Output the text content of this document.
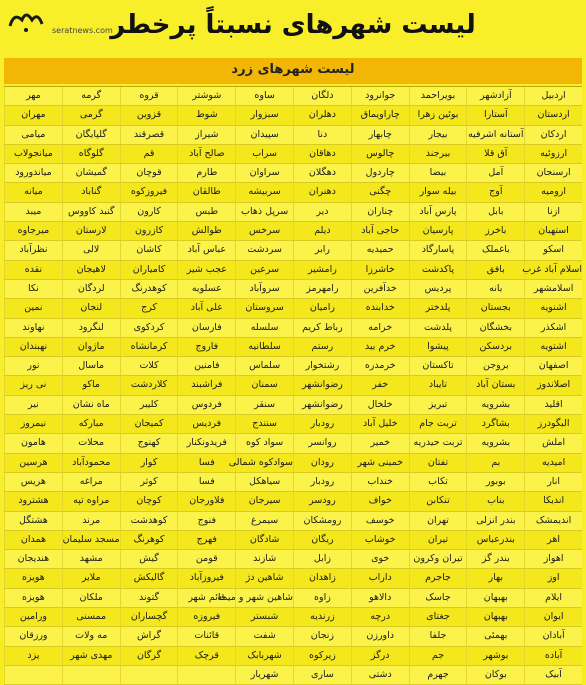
seratnews.com
لیست شهرهای نسبتاً پرخطر
لیست شهرهای زرد
اردبیل
آزادشهر
بویراحمد
جوانرود
دلگان
ساوه
شوشتر
قروه
گرمه
مهر
اردستان
آستارا
بوئین زهرا
چاراویماق
دهلران
سبزوار
شوط
قزوین
گرمی
مهران
اردکان
آستانه اشرفیه
بیجار
چابهار
دنا
سپیدان
شیراز
قصرقند
گلپایگان
میامی
ارزوئیه
آق قلا
بیرجند
چالوس
دهاقان
سراب
صالح آباد
قم
گلوگاه
میانجولاب
ارسنجان
آمل
بیضا
چاردول
دهگلان
سراوان
طارم
قوچان
گمیشان
میاندورود
ارومیه
آوج
بیله سوار
چگنی
دهنران
سربیشه
طالقان
فیروزکوه
گناباد
میانه
ازنا
بابل
پارس آباد
چناران
دیر
سرپل ذهاب
طبس
کارون
گنبد کاووس
میبد
استهبان
باخرز
پارسیان
حاجی آباد
دیلم
سرخس
طوالش
کازرون
لارستان
میرجاوه
اسکو
باغملک
پاسارگاد
حمیدیه
رابر
سردشت
عباس آباد
کاشان
لالی
نظرآباد
اسلام آباد غرب
بافق
پاکدشت
خاشرزا
رامشیر
سرعین
عجب شیر
کامیاران
لاهیجان
نقده
اسلامشهر
بانه
پردیس
خدآفرین
رامهرمز
سروآباد
عسلویه
کوهدرنگ
لردگان
نکا
اشنویه
بجستان
پلدختر
خدابنده
رامیان
سروستان
علی آباد
کرج
لنجان
نمین
اشکذر
بخشگان
پلدشت
خرامه
رباط کریم
سلسله
فارسان
کردکوی
لنگرود
نهاوند
اشتویه
بردسکن
پیشوا
خرم بید
رستم
سلطانیه
فاروج
کرمانشاه
ماژوان
نهبندان
اصفهان
بروجن
تاکستان
خرمدره
رشتخوار
سلماس
فامنین
کلات
ماسال
نور
اصلاندوز
بستان آباد
تایباد
خفر
رضوانشهر
سمنان
فراشبند
کلاردشت
ماکو
نی ریز
اقلید
بشرویه
تبریز
خلخال
رضوانشهر
سنقر
فردوس
کلیبر
ماه نشان
نیر
البگودرز
بشاگرد
تربت جام
خلیل آباد
رودبار
سنندج
فردیس
کمیجان
مبارکه
نیمروز
املش
بشرویه
تربت حیدریه
خمیر
روانسر
سواد کوه
فریدونکنار
کهنوج
محلات
هامون
امیدیه
بم
تفتان
خمینی شهر
رودان
سوادکوه شمالی
فسا
کوار
محمودآباد
هرسین
انار
بوبور
تکاب
خنداب
رودبار
سیاهکل
فسا
کوثر
مراغه
هریس
اندیکا
بناب
تنکابن
خواف
رودسر
سیرجان
فلاورجان
کوچان
مراوه تپه
هشترود
اندیمشک
بندر انزلی
تهران
خوسف
رومشکان
سیمرغ
فنوج
کوهدشت
مرند
هشتگل
اهر
بندرعباس
تیران
خوشاب
ریگان
شادگان
فهرج
کوهرنگ
مسجد سلیمان
همدان
اهواز
بندر گز
تیران وکرون
خوی
زابل
شازند
قومن
گیش
مشهد
هندیجان
اوز
بهار
جاجرم
داراب
زاهدان
شاهین دژ
فیروزآباد
گالیکش
ملایر
هویزه
ایلام
بهبهان
جاسک
دالاهو
زاوه
شاهین شهر و میمه
قائم شهر
گتوند
ملکان
هویزه
ایوان
بهبهان
جغتای
درچه
زرندیه
شبستر
فیروزه
گچساران
ممسنی
ورامین
آبادان
بهمئی
جلفا
داورزن
زنجان
شفت
قائنات
گراش
مه ولات
ورزقان
آباده
بوشهر
جم
درگز
زیرکوه
شهربابک
قرچک
گرگان
مهدی شهر
یزد
آبیک
بوکان
جهرم
دشتی
ساری
شهریار
